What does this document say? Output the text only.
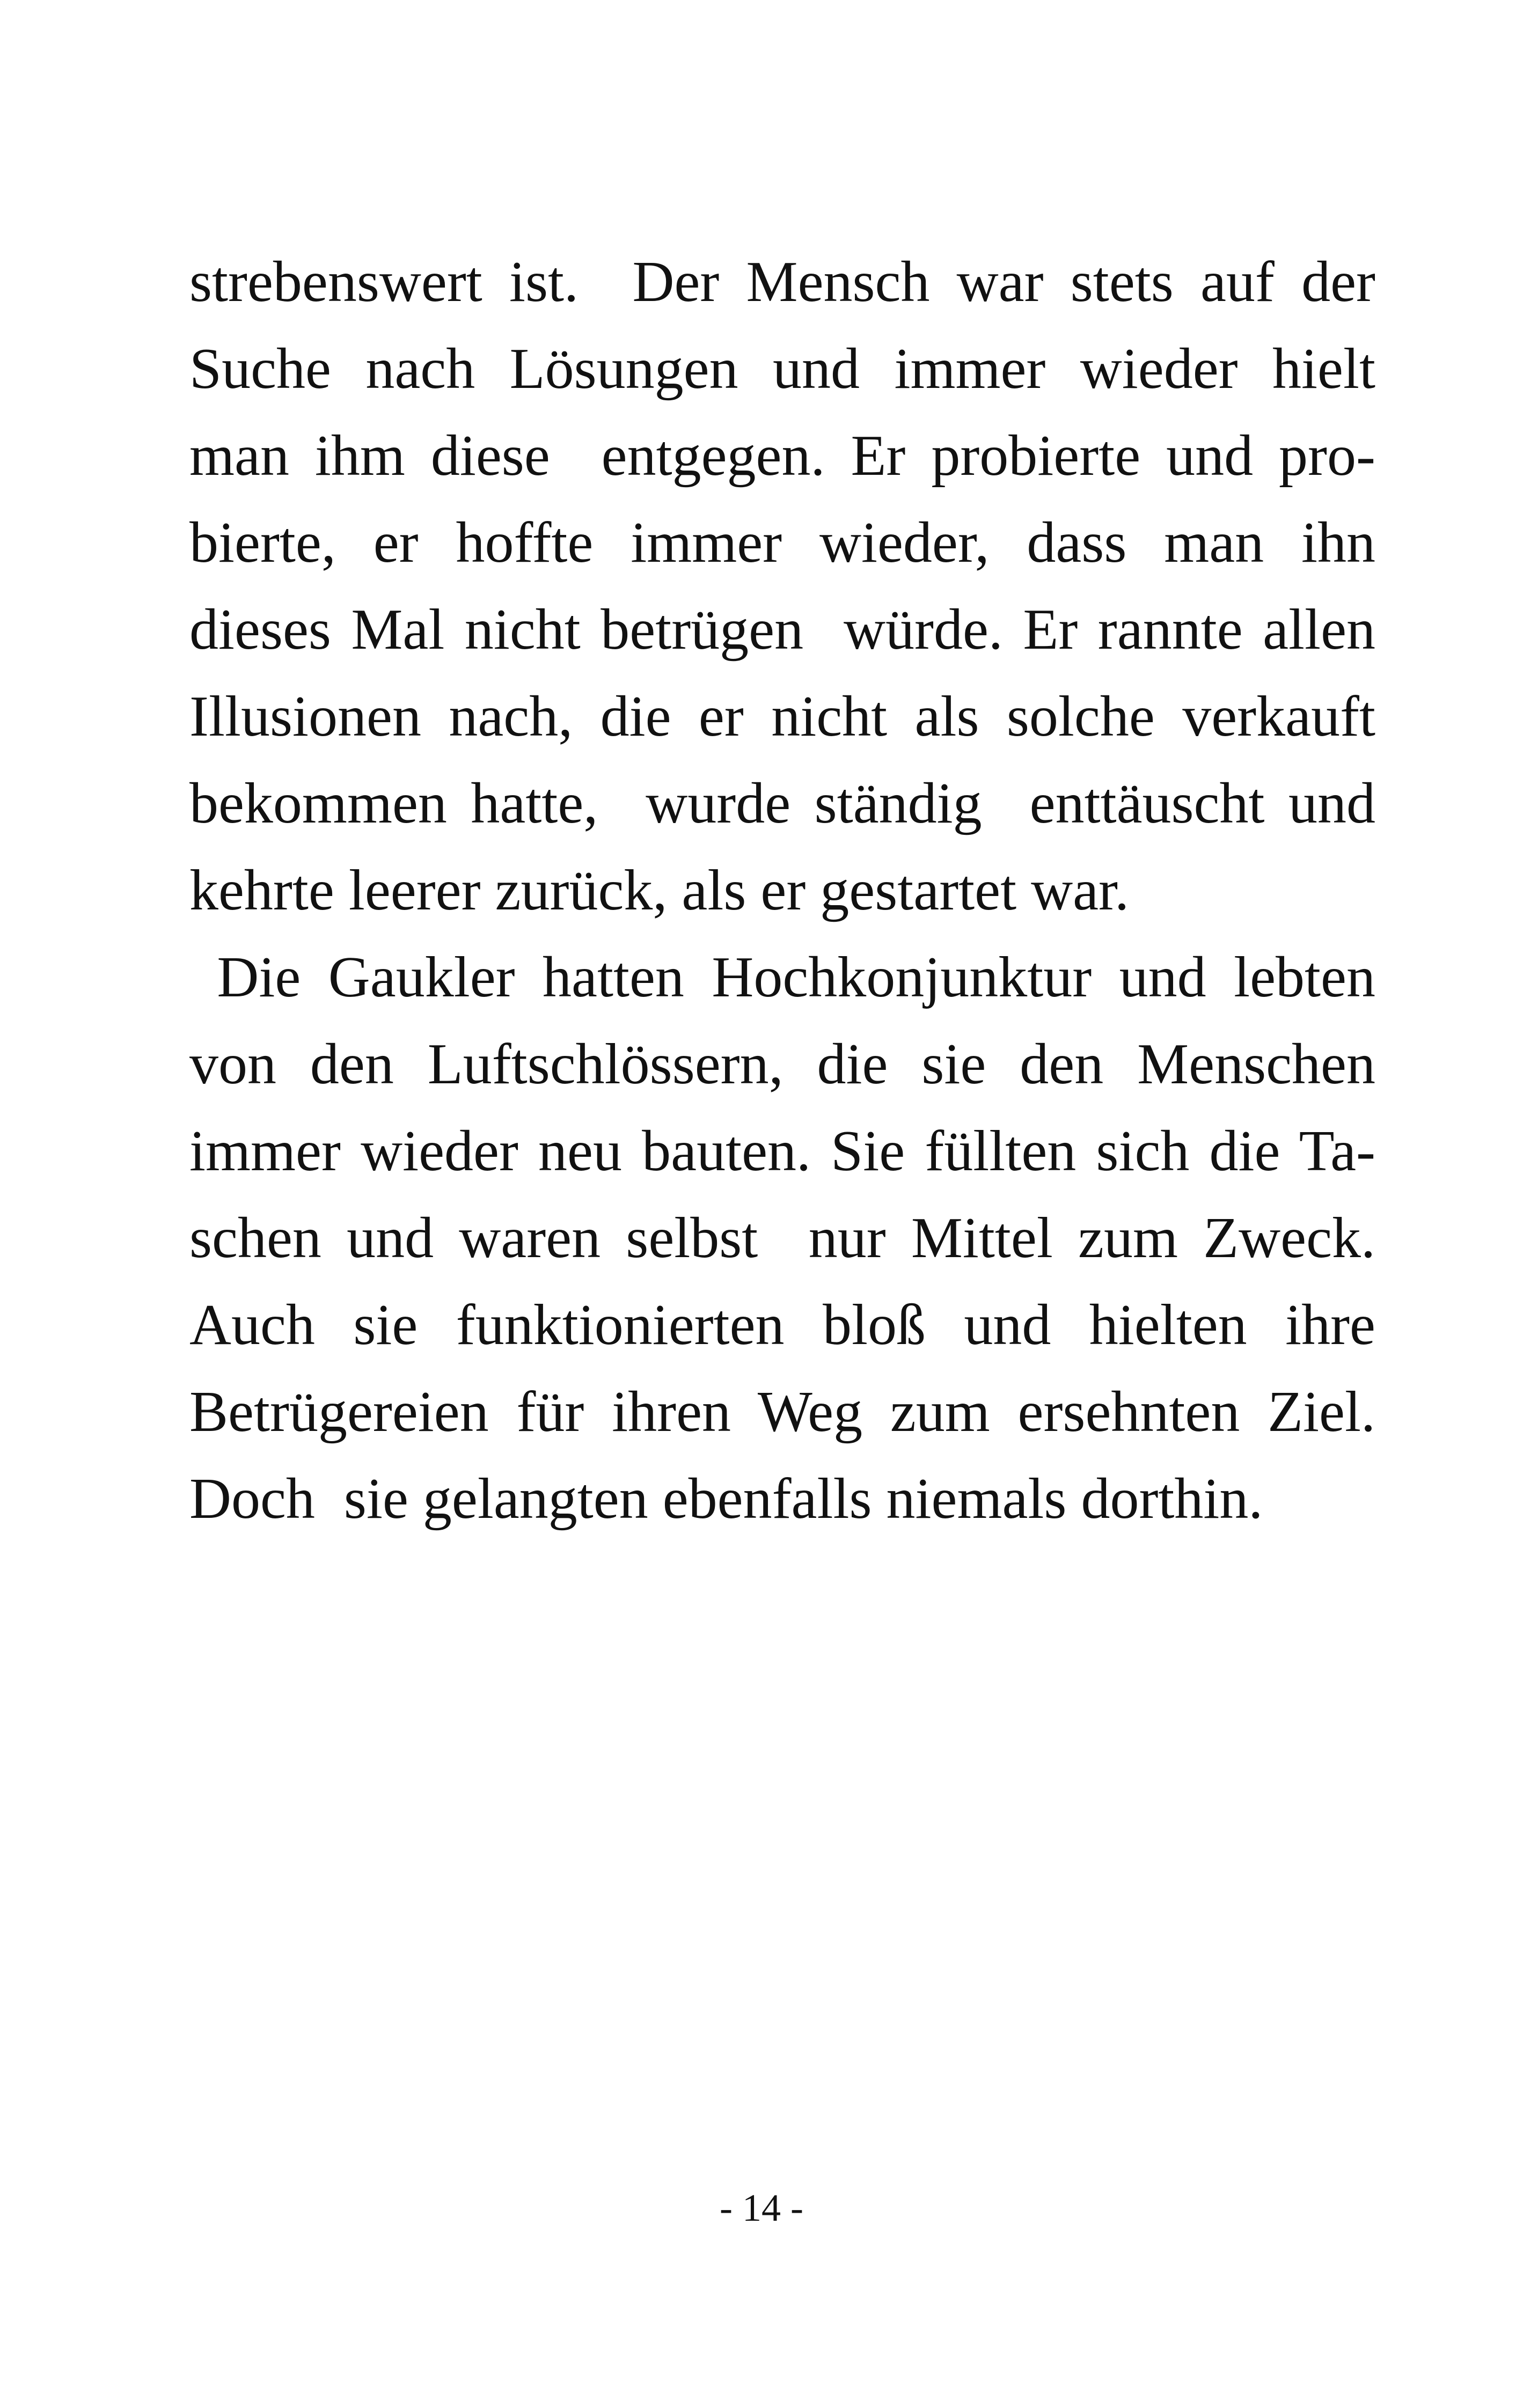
strebenswert ist.  Der Mensch war stets auf der
Suche nach Lösungen und immer wieder hielt
man ihm diese  entgegen. Er probierte und pro-
bierte, er hoffte immer wieder, dass man ihn
dieses Mal nicht betrügen  würde. Er rannte allen
Illusionen nach, die er nicht als solche verkauft
bekommen hatte,  wurde ständig  enttäuscht und
kehrte leerer zurück, als er gestartet war.
Die Gaukler hatten Hochkonjunktur und lebten
von den Luftschlössern, die sie den Menschen
immer wieder neu bauten. Sie füllten sich die Ta-
schen und waren selbst  nur Mittel zum Zweck.
Auch sie funktionierten bloß und hielten ihre
Betrügereien für ihren Weg zum ersehnten Ziel.
Doch  sie gelangten ebenfalls niemals dorthin.
- 14 -
